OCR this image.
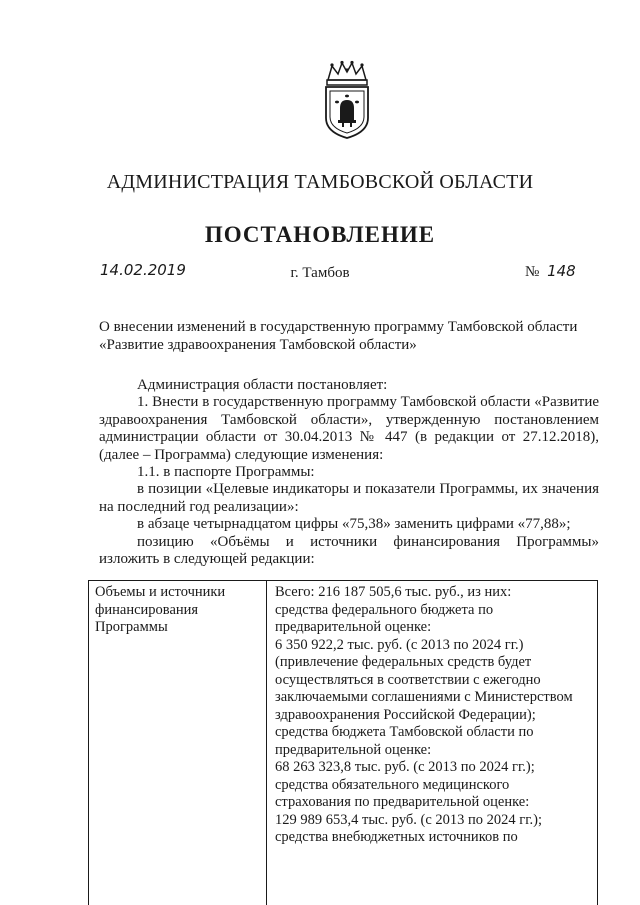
АДМИНИСТРАЦИЯ ТАМБОВСКОЙ ОБЛАСТИ
ПОСТАНОВЛЕНИЕ
14.02.2019	г. Тамбов	№ 148
О внесении изменений в государственную программу Тамбовской области
«Развитие здравоохранения Тамбовской области»

Администрация области постановляет:

1. Внести в государственную программу Тамбовской области «Развитие здравоохранения Тамбовской области», утвержденную постановлением администрации области от 30.04.2013 № 447 (в редакции от 27.12.2018), (далее – Программа) следующие изменения:

1.1. в паспорте Программы:

в позиции «Целевые индикаторы и показатели Программы, их значения на последний год реализации»:

в абзаце четырнадцатом цифры «75,38» заменить цифрами «77,88»;

позицию «Объёмы и источники финансирования Программы» изложить в следующей редакции:

Объемы и источники
финансирования
Программы
Всего: 216 187 505,6 тыс. руб., из них:
средства федерального бюджета по
предварительной оценке:
6 350 922,2 тыс. руб. (с 2013 по 2024 гг.)
(привлечение федеральных средств будет
осуществляться в соответствии с ежегодно
заключаемыми соглашениями с Министерством
здравоохранения Российской Федерации);
средства бюджета Тамбовской области по
предварительной оценке:
68 263 323,8 тыс. руб. (с 2013 по 2024 гг.);
средства обязательного медицинского
страхования по предварительной оценке:
129 989 653,4 тыс. руб. (с 2013 по 2024 гг.);
средства внебюджетных источников по
